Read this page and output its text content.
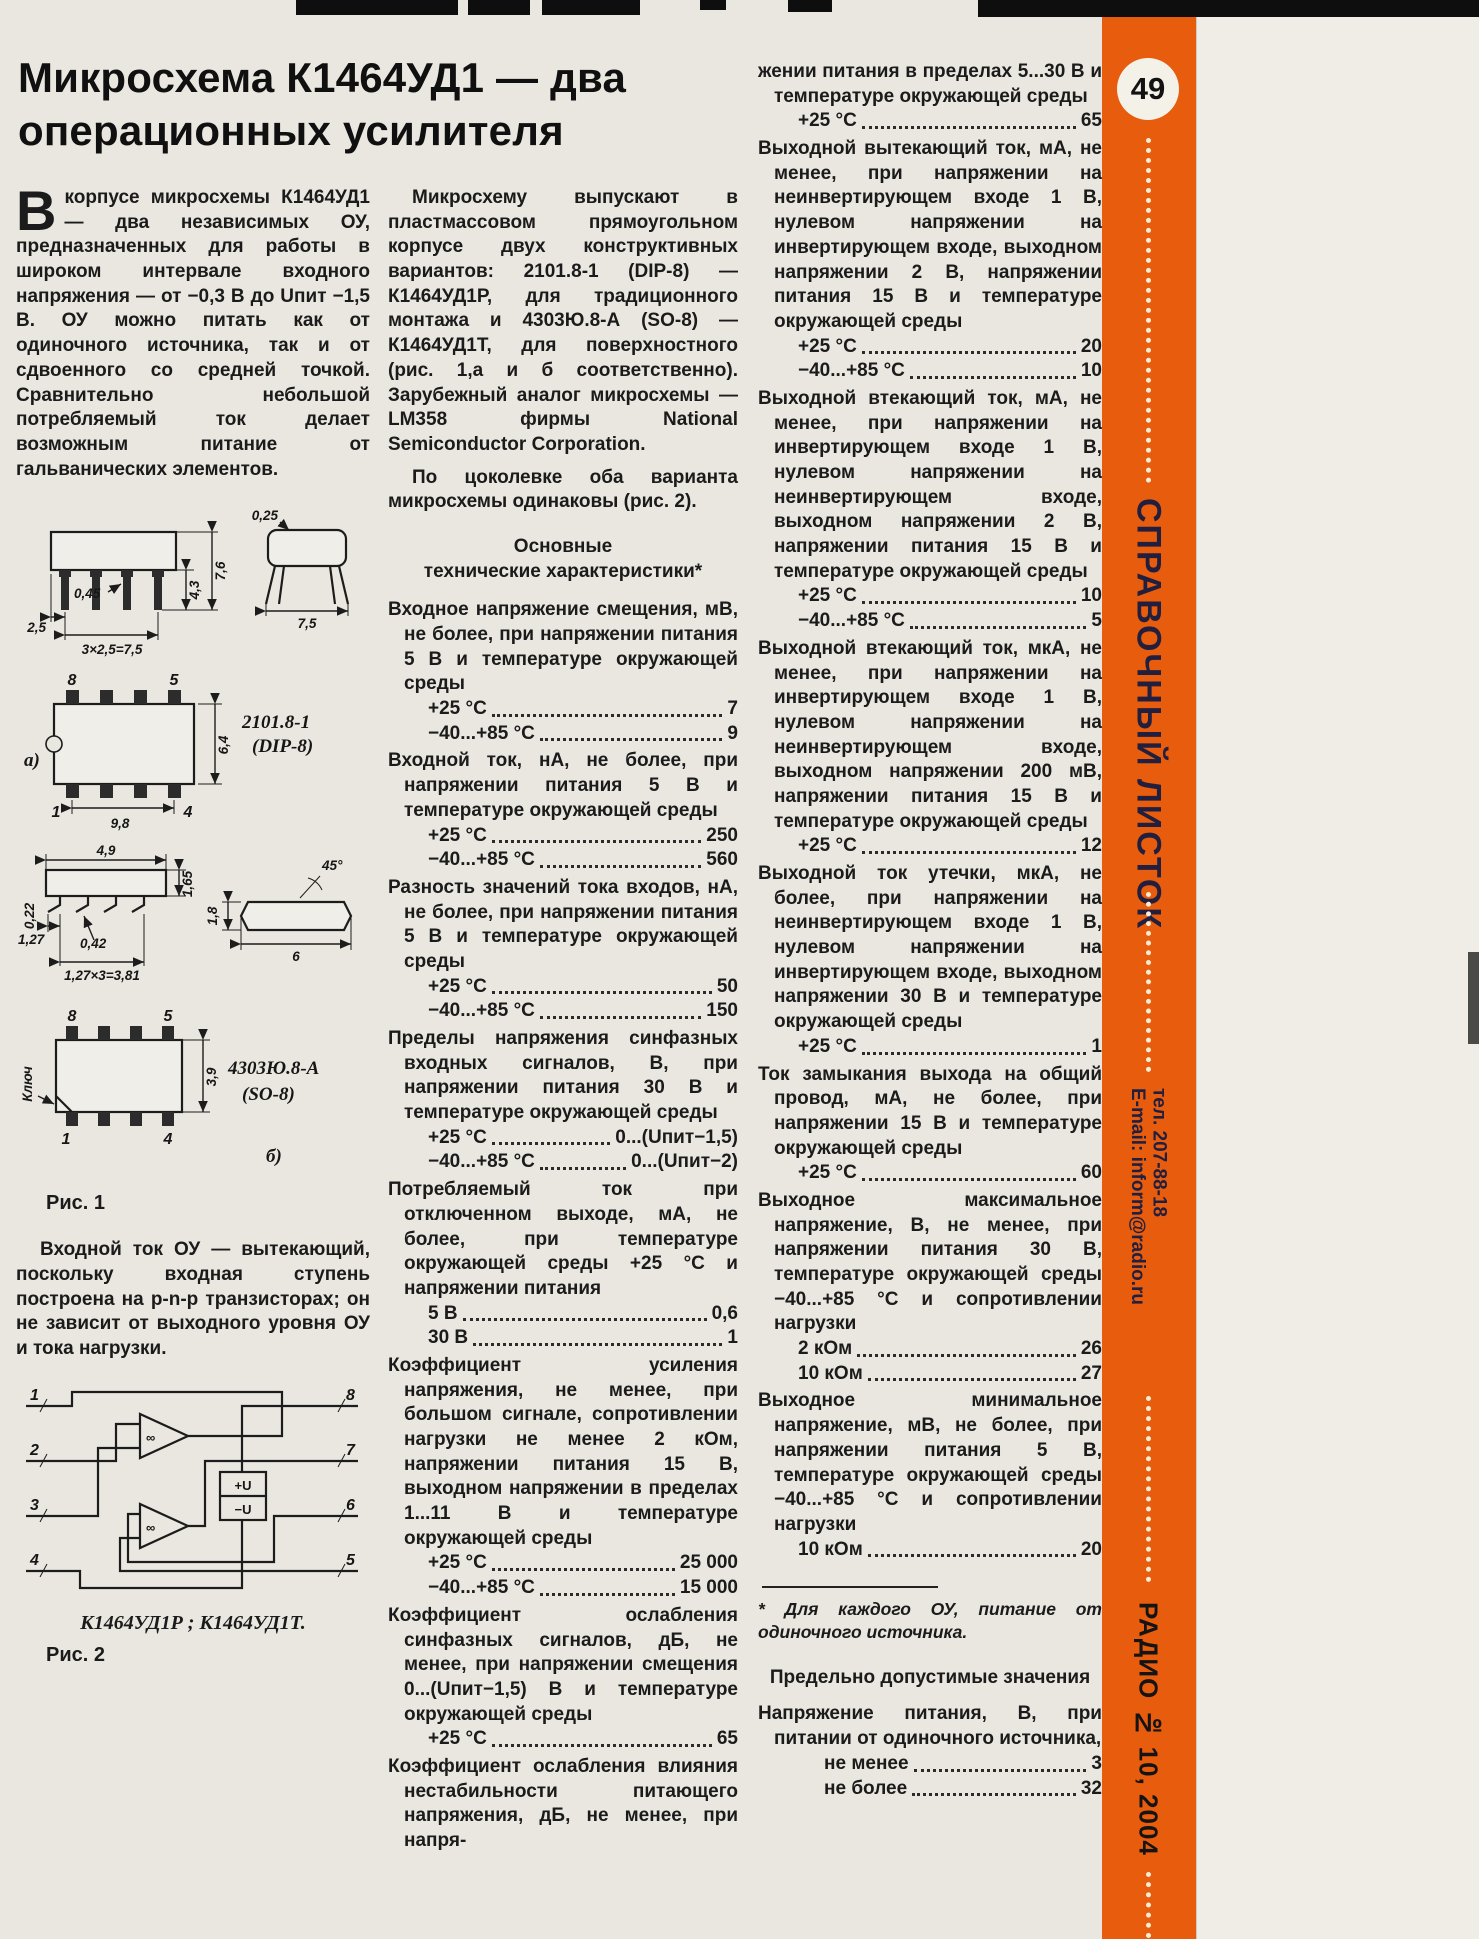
49
СПРАВОЧНЫЙ ЛИСТОК
E-mail: inform@radio.ru тел. 207-88-18
РАДИО № 10, 2004
Микросхема К1464УД1 — два
операционных усилителя

Вкорпусе микросхемы К1464УД1 — два независимых ОУ, предназначенных для работы в широком интервале входного напряжения — от −0,3 В до Uпит −1,5 В. ОУ можно питать как от одиночного источника, так и от сдвоенного со средней точкой. Сравнительно небольшой потребляемый ток делает возможным питание от гальванических элементов.

2,5
3×2,5=7,5
4,3
7,6
0,45
0,25
7,5
8	5
1	4
9,8
6,4
2101.8-1
(DIP-8)
а)
4,9
1,65
0,22
1,27	0,42
1,27×3=3,81
45°
1,8
6
Ключ
8	5
1	4
3,9 4303Ю.8-А
(SO-8)
б)
Рис. 1

Входной ток ОУ — вытекающий, поскольку входная ступень построена на p-n-p транзисторах; он не зависит от выходного уровня ОУ и тока нагрузки.

1
2
3
4
8
7
6
5
∞
∞
+U
−U
К1464УД1Р ; К1464УД1Т.
Рис. 2

Микросхему выпускают в пластмассовом прямоугольном корпусе двух конструктивных вариантов: 2101.8-1 (DIP-8) — К1464УД1Р, для традиционного монтажа и 4303Ю.8-А (SO-8) — К1464УД1Т, для поверхностного (рис. 1,а и б соответственно). Зарубежный аналог микросхемы — LM358 фирмы National Semiconductor Corporation.

По цоколевке оба варианта микросхемы одинаковы (рис. 2).

Основные
технические характеристики*
Входное напряжение смещения, мВ, не более, при напряжении питания 5 В и температуре окружающей среды
+25 °C	7
−40...+85 °C	9
Входной ток, нА, не более, при напряжении питания 5 В и температуре окружающей среды
+25 °C	250
−40...+85 °C	560
Разность значений тока входов, нА, не более, при напряжении питания 5 В и температуре окружающей среды
+25 °C	50
−40...+85 °C	150
Пределы напряжения синфазных входных сигналов, В, при напряжении питания 30 В и температуре окружающей среды
+25 °C	0...(Uпит−1,5)
−40...+85 °C	0...(Uпит−2)
Потребляемый ток при отключенном выходе, мА, не более, при температуре окружающей среды +25 °C и напряжении питания
5 В	0,6
30 В	1
Коэффициент усиления напряжения, не менее, при большом сигнале, сопротивлении нагрузки не менее 2 кОм, напряжении питания 15 В, выходном напряжении в пределах 1...11 В и температуре окружающей среды
+25 °C	25 000
−40...+85 °C	15 000
Коэффициент ослабления синфазных сигналов, дБ, не менее, при напряжении смещения 0...(Uпит−1,5) В и температуре окружающей среды
+25 °C	65
Коэффициент ослабления влияния нестабильности питающего напряжения, дБ, не менее, при напря-
жении питания в пределах 5...30 В и температуре окружающей среды
+25 °C	65
Выходной вытекающий ток, мА, не менее, при напряжении на неинвертирующем входе 1 В, нулевом напряжении на инвертирующем входе, выходном напряжении 2 В, напряжении питания 15 В и температуре окружающей среды
+25 °C	20
−40...+85 °C	10
Выходной втекающий ток, мА, не менее, при напряжении на инвертирующем входе 1 В, нулевом напряжении на неинвертирующем входе, выходном напряжении 2 В, напряжении питания 15 В и температуре окружающей среды
+25 °C	10
−40...+85 °C	5
Выходной втекающий ток, мкА, не менее, при напряжении на инвертирующем входе 1 В, нулевом напряжении на неинвертирующем входе, выходном напряжении 200 мВ, напряжении питания 15 В и температуре окружающей среды
+25 °C	12
Выходной ток утечки, мкА, не более, при напряжении на неинвертирующем входе 1 В, нулевом напряжении на инвертирующем входе, выходном напряжении 30 В и температуре окружающей среды
+25 °C	1
Ток замыкания выхода на общий провод, мА, не более, при напряжении 15 В и температуре окружающей среды
+25 °C	60
Выходное максимальное напряжение, В, не менее, при напряжении питания 30 В, температуре окружающей среды −40...+85 °C и сопротивлении нагрузки
2 кОм	26
10 кОм	27
Выходное минимальное напряжение, мВ, не более, при напряжении питания 5 В, температуре окружающей среды −40...+85 °C и сопротивлении нагрузки
10 кОм	20

* Для каждого ОУ, питание от одиночного источника.

Предельно допустимые значения
Напряжение питания, В, при питании от одиночного источника,
не менее	3
не более	32
